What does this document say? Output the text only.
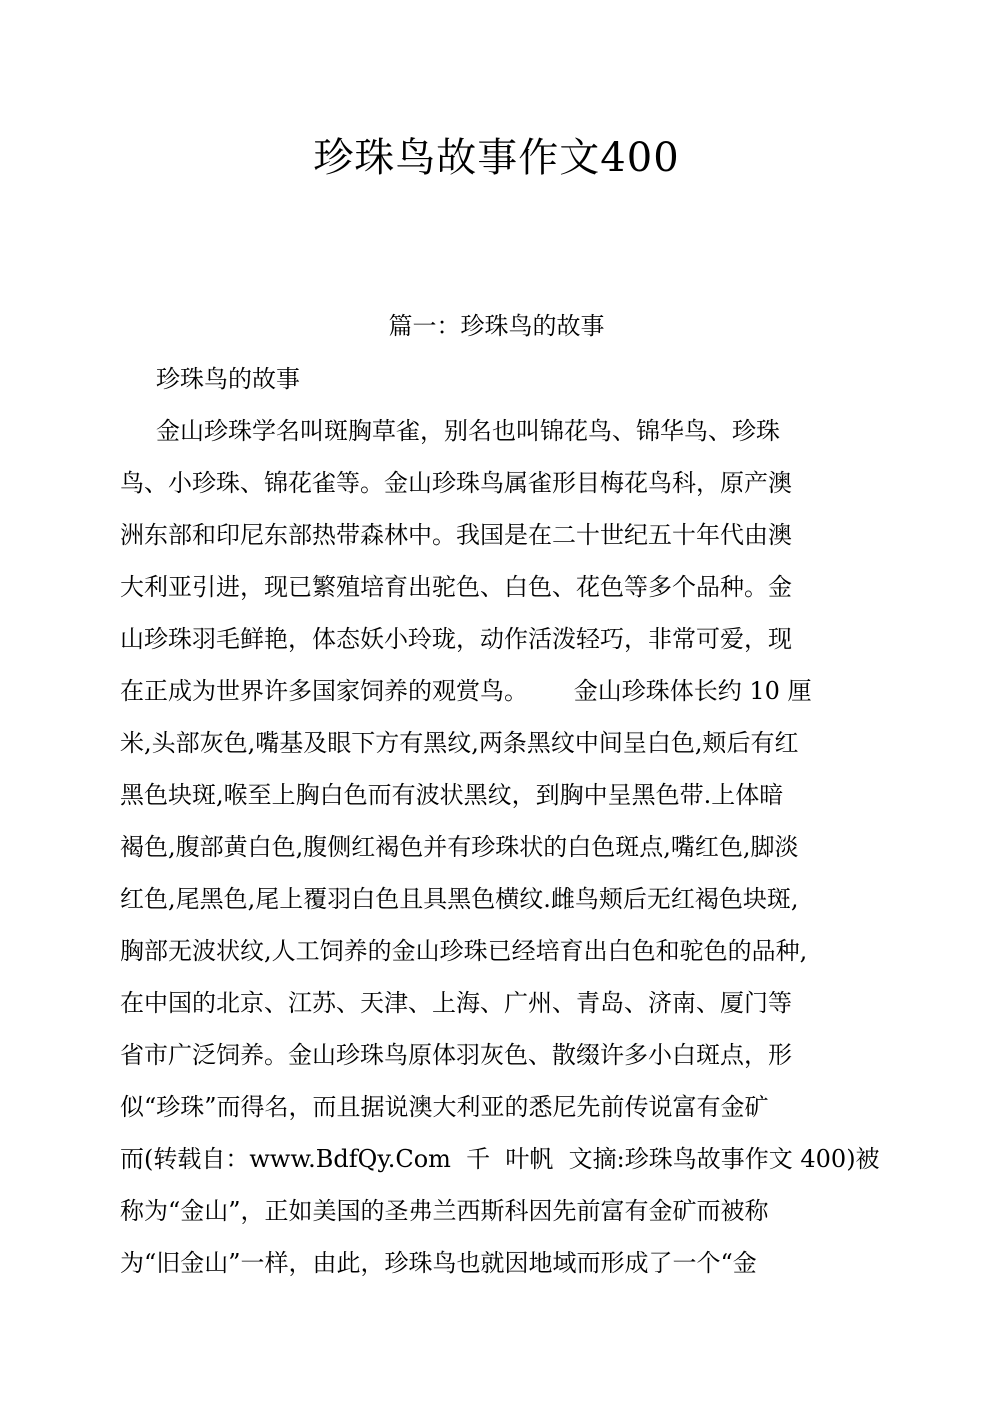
珍珠鸟故事作文400
篇一：珍珠鸟的故事
珍珠鸟的故事
金山珍珠学名叫斑胸草雀，别名也叫锦花鸟、锦华鸟、珍珠
鸟、小珍珠、锦花雀等。金山珍珠鸟属雀形目梅花鸟科，原产澳
洲东部和印尼东部热带森林中。我国是在二十世纪五十年代由澳
大利亚引进，现已繁殖培育出驼色、白色、花色等多个品种。金
山珍珠羽毛鲜艳，体态妖小玲珑，动作活泼轻巧，非常可爱，现
在正成为世界许多国家饲养的观赏鸟。      金山珍珠体长约 10 厘
米,头部灰色,嘴基及眼下方有黑纹,两条黑纹中间呈白色,颊后有红
黑色块斑,喉至上胸白色而有波状黑纹，到胸中呈黑色带.上体暗
褐色,腹部黄白色,腹侧红褐色并有珍珠状的白色斑点,嘴红色,脚淡
红色,尾黑色,尾上覆羽白色且具黑色横纹.雌鸟颊后无红褐色块斑,
胸部无波状纹,人工饲养的金山珍珠已经培育出白色和驼色的品种,
在中国的北京、江苏、天津、上海、广州、青岛、济南、厦门等
省市广泛饲养。金山珍珠鸟原体羽灰色、散缀许多小白斑点，形
似“珍珠”而得名，而且据说澳大利亚的悉尼先前传说富有金矿
而(转载自：www.BdfQy.Com  千  叶帆  文摘:珍珠鸟故事作文 400)被
称为“金山”，正如美国的圣弗兰西斯科因先前富有金矿而被称
为“旧金山”一样，由此，珍珠鸟也就因地域而形成了一个“金
